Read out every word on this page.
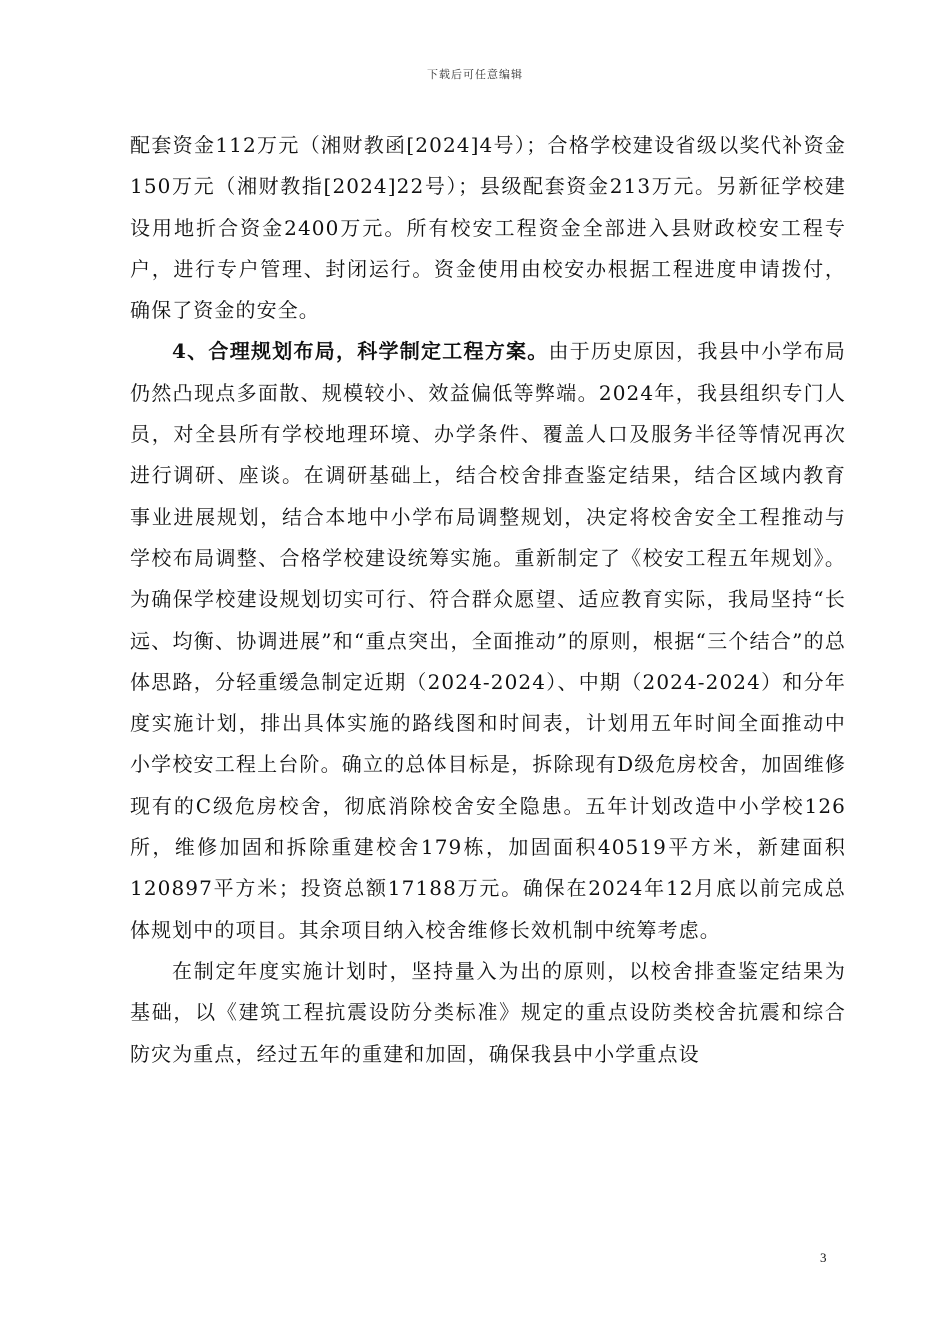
下载后可任意编辑

配套资金112万元（湘财教函[2024]4号）；合格学校建设省级以奖代补资金150万元（湘财教指[2024]22号）；县级配套资金213万元。另新征学校建设用地折合资金2400万元。所有校安工程资金全部进入县财政校安工程专户，进行专户管理、封闭运行。资金使用由校安办根据工程进度申请拨付，确保了资金的安全。

4、合理规划布局，科学制定工程方案。由于历史原因，我县中小学布局仍然凸现点多面散、规模较小、效益偏低等弊端。2024年，我县组织专门人员，对全县所有学校地理环境、办学条件、覆盖人口及服务半径等情况再次进行调研、座谈。在调研基础上，结合校舍排查鉴定结果，结合区域内教育事业进展规划，结合本地中小学布局调整规划，决定将校舍安全工程推动与学校布局调整、合格学校建设统筹实施。重新制定了《校安工程五年规划》。为确保学校建设规划切实可行、符合群众愿望、适应教育实际，我局坚持“长远、均衡、协调进展”和“重点突出，全面推动”的原则，根据“三个结合”的总体思路，分轻重缓急制定近期（2024-2024）、中期（2024-2024）和分年度实施计划，排出具体实施的路线图和时间表，计划用五年时间全面推动中小学校安工程上台阶。确立的总体目标是，拆除现有D级危房校舍，加固维修现有的C级危房校舍，彻底消除校舍安全隐患。五年计划改造中小学校126所，维修加固和拆除重建校舍179栋，加固面积40519平方米，新建面积120897平方米；投资总额17188万元。确保在2024年12月底以前完成总体规划中的项目。其余项目纳入校舍维修长效机制中统筹考虑。

在制定年度实施计划时，坚持量入为出的原则，以校舍排查鉴定结果为基础，以《建筑工程抗震设防分类标准》规定的重点设防类校舍抗震和综合防灾为重点，经过五年的重建和加固，确保我县中小学重点设

3
